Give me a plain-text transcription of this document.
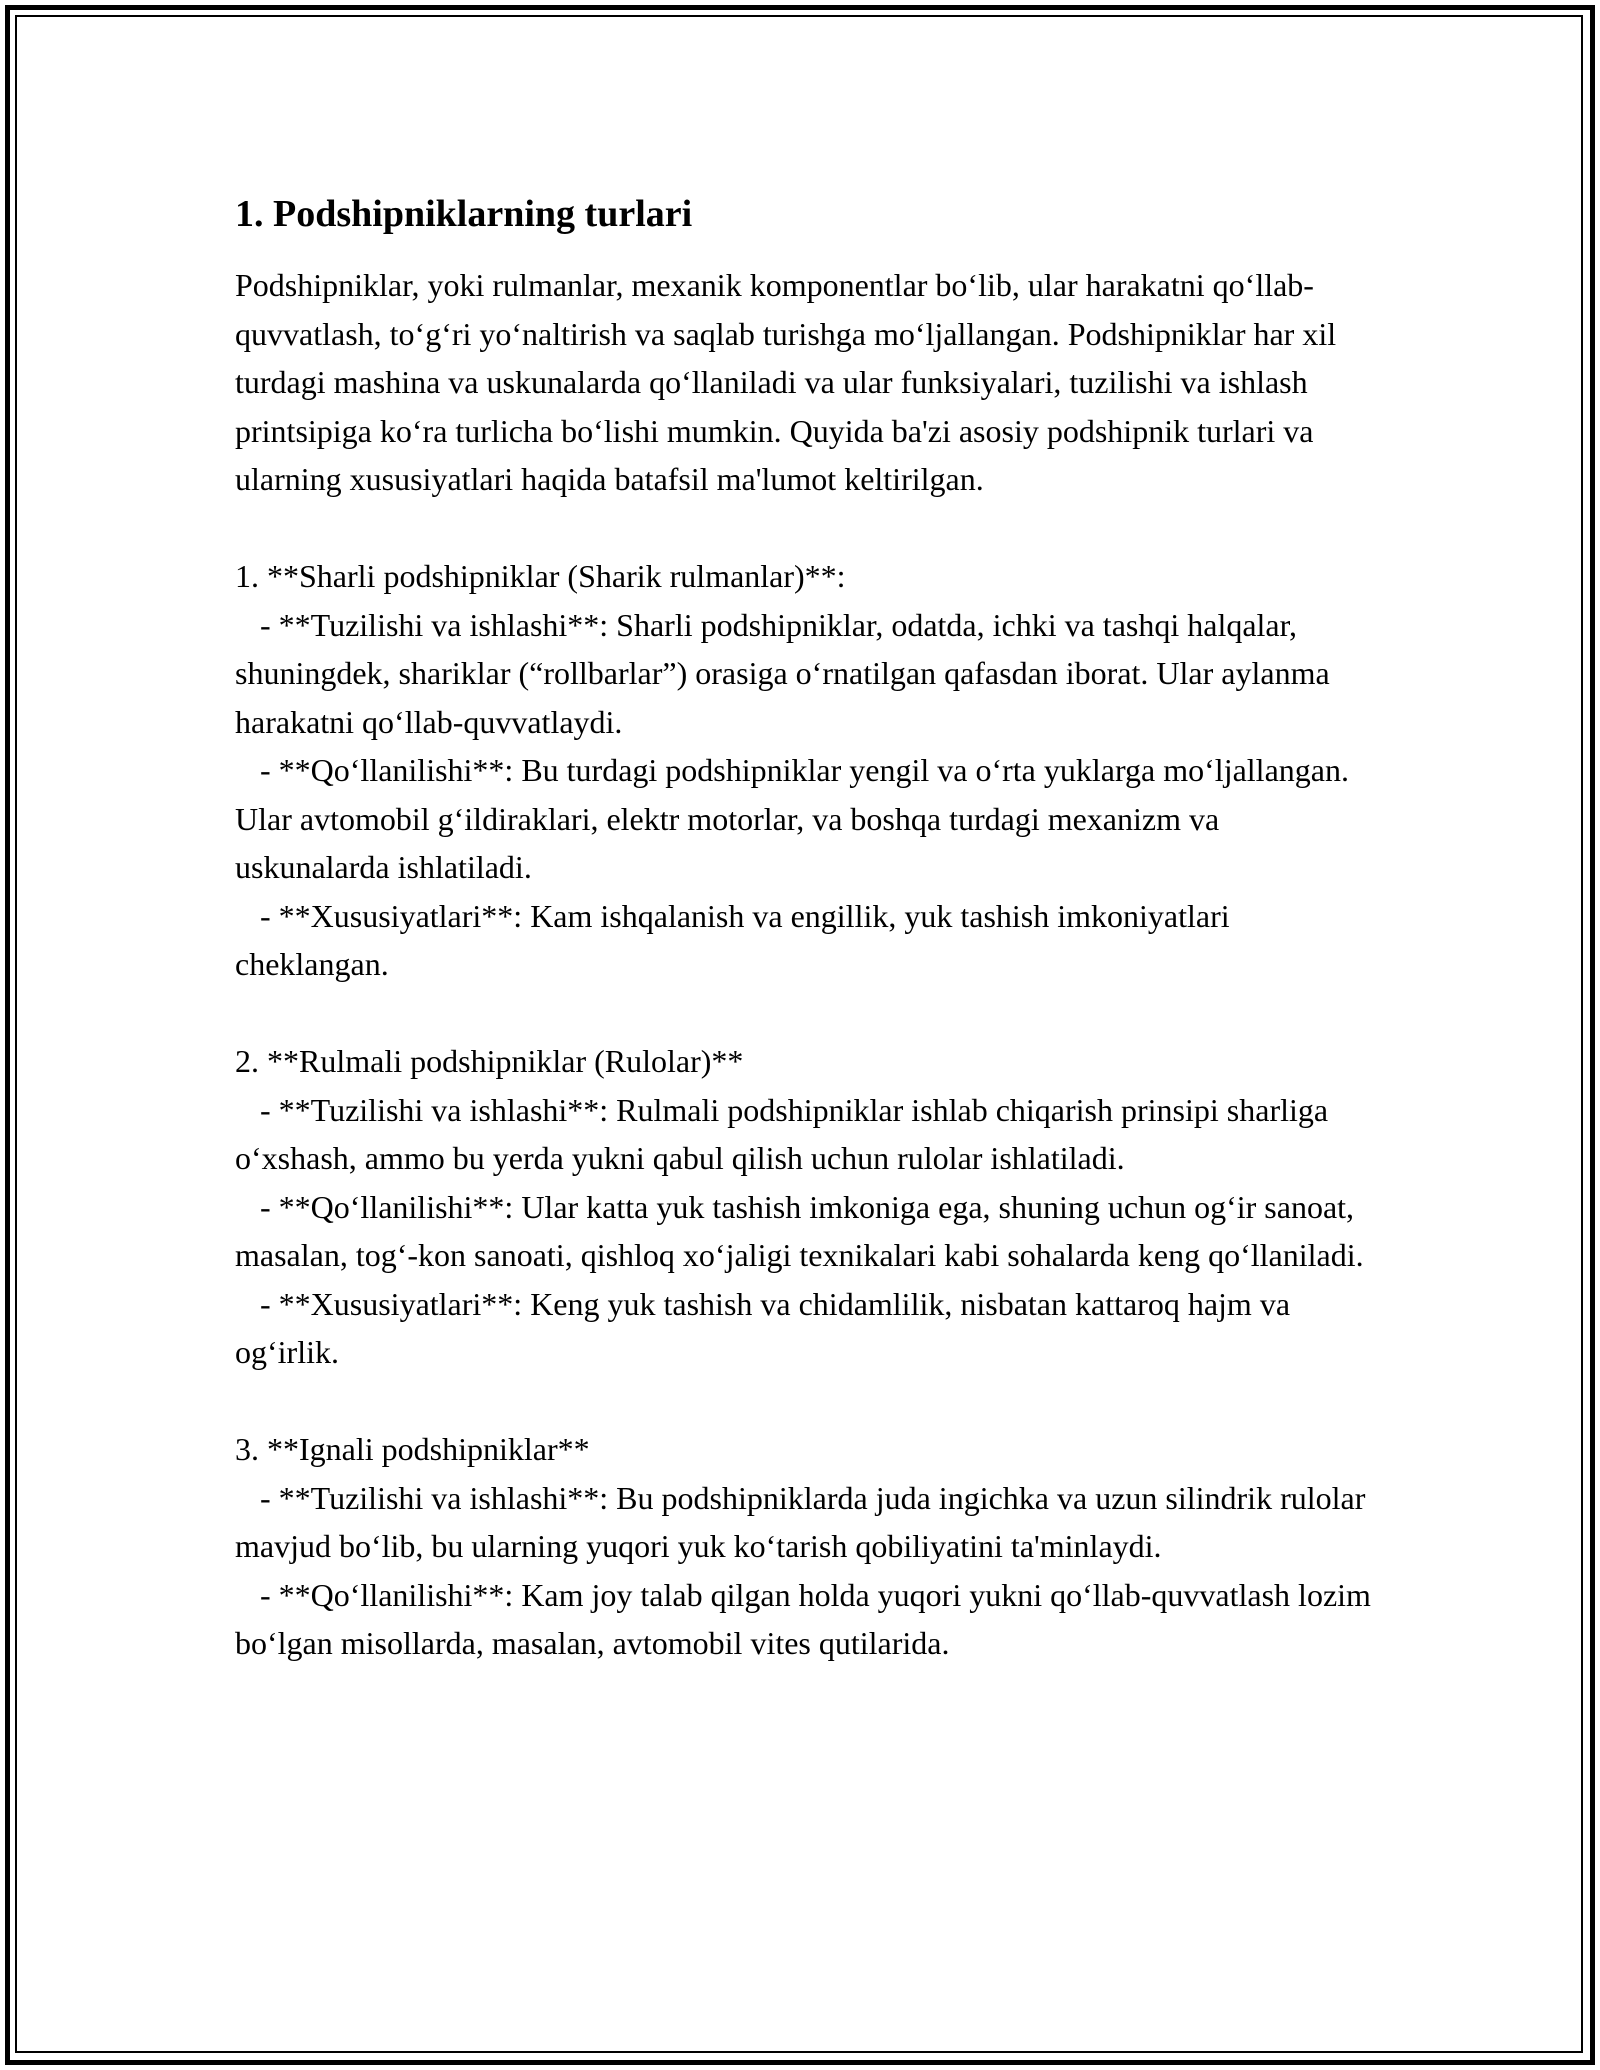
1. Podshipniklarning turlari

Podshipniklar, yoki rulmanlar, mexanik komponentlar bo‘lib, ular harakatni qo‘llab-quvvatlash, to‘g‘ri yo‘naltirish va saqlab turishga mo‘ljallangan. Podshipniklar har xil turdagi mashina va uskunalarda qo‘llaniladi va ular funksiyalari, tuzilishi va ishlash printsipiga ko‘ra turlicha bo‘lishi mumkin. Quyida ba'zi asosiy podshipnik turlari va ularning xususiyatlari haqida batafsil ma'lumot keltirilgan.

1. **Sharli podshipniklar (Sharik rulmanlar)**:

- **Tuzilishi va ishlashi**: Sharli podshipniklar, odatda, ichki va tashqi halqalar, shuningdek, shariklar (“rollbarlar”) orasiga o‘rnatilgan qafasdan iborat. Ular aylanma harakatni qo‘llab-quvvatlaydi.

- **Qo‘llanilishi**: Bu turdagi podshipniklar yengil va o‘rta yuklarga mo‘ljallangan. Ular avtomobil g‘ildiraklari, elektr motorlar, va boshqa turdagi mexanizm va uskunalarda ishlatiladi.

- **Xususiyatlari**: Kam ishqalanish va engillik, yuk tashish imkoniyatlari cheklangan.

2. **Rulmali podshipniklar (Rulolar)**

- **Tuzilishi va ishlashi**: Rulmali podshipniklar ishlab chiqarish prinsipi sharliga o‘xshash, ammo bu yerda yukni qabul qilish uchun rulolar ishlatiladi.

- **Qo‘llanilishi**: Ular katta yuk tashish imkoniga ega, shuning uchun og‘ir sanoat, masalan, tog‘-kon sanoati, qishloq xo‘jaligi texnikalari kabi sohalarda keng qo‘llaniladi.

- **Xususiyatlari**: Keng yuk tashish va chidamlilik, nisbatan kattaroq hajm va og‘irlik.

3. **Ignali podshipniklar**

- **Tuzilishi va ishlashi**: Bu podshipniklarda juda ingichka va uzun silindrik rulolar mavjud bo‘lib, bu ularning yuqori yuk ko‘tarish qobiliyatini ta'minlaydi.

- **Qo‘llanilishi**: Kam joy talab qilgan holda yuqori yukni qo‘llab-quvvatlash lozim bo‘lgan misollarda, masalan, avtomobil vites qutilarida.
